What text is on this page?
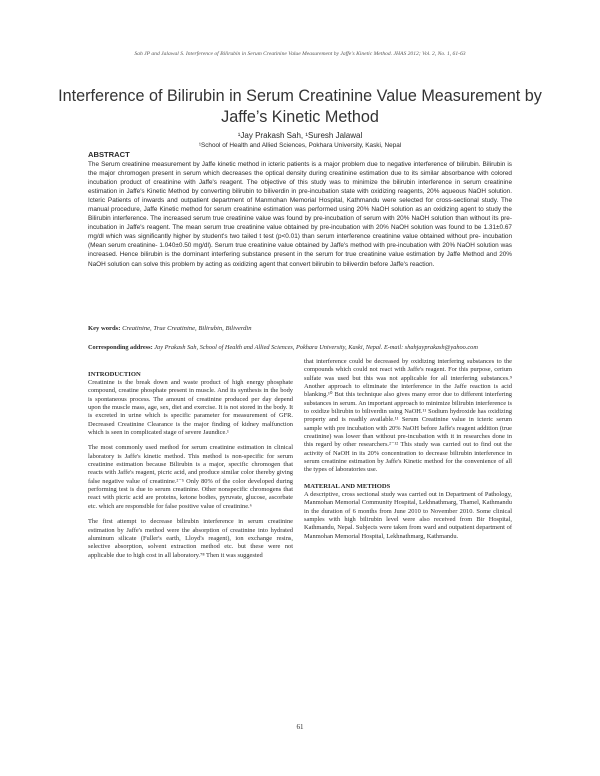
Sah JP and Jalawal S. Interference of Bilirubin in Serum Creatinine Value Measurement by Jaffe's Kinetic Method. JHAS 2012; Vol. 2, No. 1, 61-63
Interference of Bilirubin in Serum Creatinine Value Measurement by Jaffe’s Kinetic Method
¹Jay Prakash Sah, ¹Suresh Jalawal
¹School of Health and Allied Sciences, Pokhara University, Kaski, Nepal
ABSTRACT

The Serum creatinine measurement by Jaffe kinetic method in icteric patients is a major problem due to negative interference of bilirubin. Bilirubin is the major chromogen present in serum which decreases the optical density during creatinine estimation due to its similar absorbance with colored incubation product of creatinine with Jaffe's reagent. The objective of this study was to minimize the bilirubin interference in serum creatinine estimation in Jaffe's Kinetic Method by converting bilirubin to biliverdin in pre-incubation state with oxidizing reagents, 20% aqueous NaOH solution. Icteric Patients of inwards and outpatient department of Manmohan Memorial Hospital, Kathmandu were selected for cross-sectional study. The manual procedure, Jaffe Kinetic method for serum creatinine estimation was performed using 20% NaOH solution as an oxidizing agent to study the Bilirubin interference. The increased serum true creatinine value was found by pre-incubation of serum with 20% NaOH solution than without its pre-incubation in Jaffe's reagent. The mean serum true creatinine value obtained by pre-incubation with 20% NaOH solution was found to be 1.31±0.67 mg/dl which was significantly higher by student's two tailed t test (p<0.01) than serum interference creatinine value obtained without pre- incubation (Mean serum creatinine- 1.040±0.50 mg/dl). Serum true creatinine value obtained by Jaffe's method with pre-incubation with 20% NaOH solution was increased. Hence bilirubin is the dominant interfering substance present in the serum for true creatinine value estimation by Jaffe Method and 20% NaOH solution can solve this problem by acting as oxidizing agent that convert bilirubin to biliverdin before Jaffe's reaction.

Key words: Creatinine, True Creatinine, Bilirubin, Biliverdin
Corresponding address: Jay Prakash Sah, School of Health and Allied Sciences, Pokhara University, Kaski, Nepal. E-mail: shahjayprakash@yahoo.com
INTRODUCTION

Creatinine is the break down and waste product of high energy phosphate compound, creatine phosphate present in muscle. And its synthesis in the body is spontaneous process. The amount of creatinine produced per day depend upon the muscle mass, age, sex, diet and exercise. It is not stored in the body. It is excreted in urine which is specific parameter for measurement of GFR. Decreased Creatinine Clearance is the major finding of kidney malfunction which is seen in complicated stage of severe Jaundice.¹

The most commonly used method for serum creatinine estimation in clinical laboratory is Jaffe's kinetic method. This method is non-specific for serum creatinine estimation because Bilirubin is a major, specific chromogen that reacts with Jaffe's reagent, picric acid, and produce similar color thereby giving false negative value of creatinine.²⁻⁵ Only 80% of the color developed during performing test is due to serum creatinine. Other nonspecific chromogens that react with picric acid are proteins, ketone bodies, pyruvate, glucose, ascorbate etc. which are responsible for false positive value of creatinine.⁶

The first attempt to decrease bilirubin interference in serum creatinine estimation by Jaffe's method were the absorption of creatinine into hydrated aluminum silicate (Fuller's earth, Lloyd's reagent), ion exchange resins, selective absorption, solvent extraction method etc. but these were not applicable due to high cost in all laboratory.⁷⁸ Then it was suggested

that interference could be decreased by oxidizing interfering substances to the compounds which could not react with Jaffe's reagent. For this purpose, cerium sulfate was used but this was not applicable for all interfering substances.⁹ Another approach to eliminate the interference in the Jaffe reaction is acid blanking.¹⁰ But this technique also gives many error due to different interfering substances in serum. An important approach to minimize bilirubin interference is to oxidize bilirubin to biliverdin using NaOH.¹¹ Sodium hydroxide has oxidizing property and is readily available.¹¹ Serum Creatinine value in icteric serum sample with pre incubation with 20% NaOH before Jaffe's reagent addition (true creatinine) was lower than without pre-incubation with it in researches done in this regard by other researchers.²⁻¹² This study was carried out to find out the activity of NaOH in its 20% concentration to decrease bilirubin interference in serum creatinine estimation by Jaffe's Kinetic method for the convenience of all the types of laboratories use.

MATERIAL AND METHODS

A descriptive, cross sectional study was carried out in Department of Pathology, Manmohan Memorial Community Hospital, Lekhnathmarg, Thamel, Kathmandu in the duration of 6 months from June 2010 to November 2010. Some clinical samples with high bilirubin level were also received from Bir Hospital, Kathmandu, Nepal. Subjects were taken from ward and outpatient department of Manmohan Memorial Hospital, Lekhnathmarg, Kathmandu.

61
